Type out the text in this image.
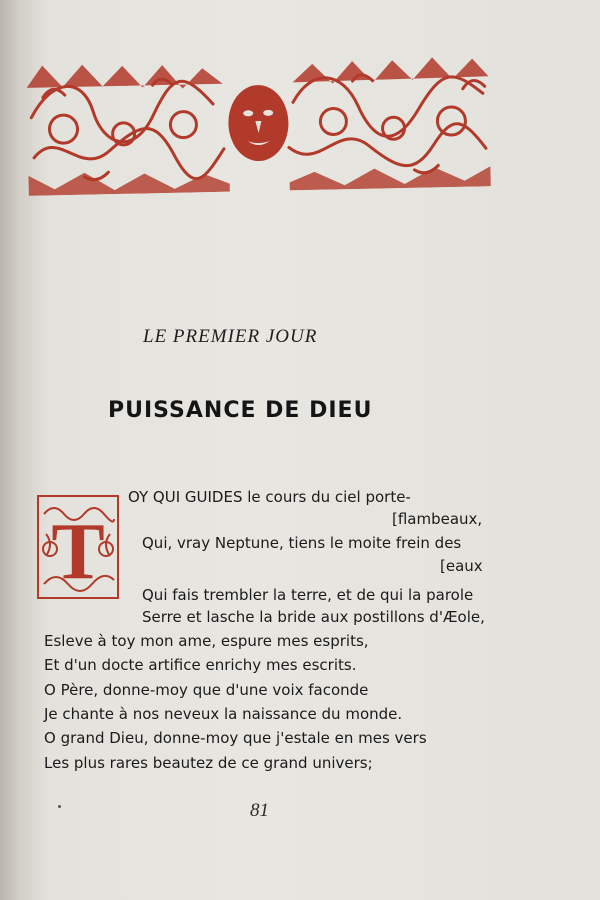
LE PREMIER JOUR
PUISSANCE DE DIEU
T
OY QUI GUIDES le cours du ciel porte-
[flambeaux,
Qui, vray Neptune, tiens le moite frein des
[eaux
Qui fais trembler la terre, et de qui la parole
Serre et lasche la bride aux postillons d'Æole,
Esleve à toy mon ame, espure mes esprits,
Et d'un docte artifice enrichy mes escrits.
O Père, donne-moy que d'une voix faconde
Je chante à nos neveux la naissance du monde.
O grand Dieu, donne-moy que j'estale en mes vers
Les plus rares beautez de ce grand univers;
81
